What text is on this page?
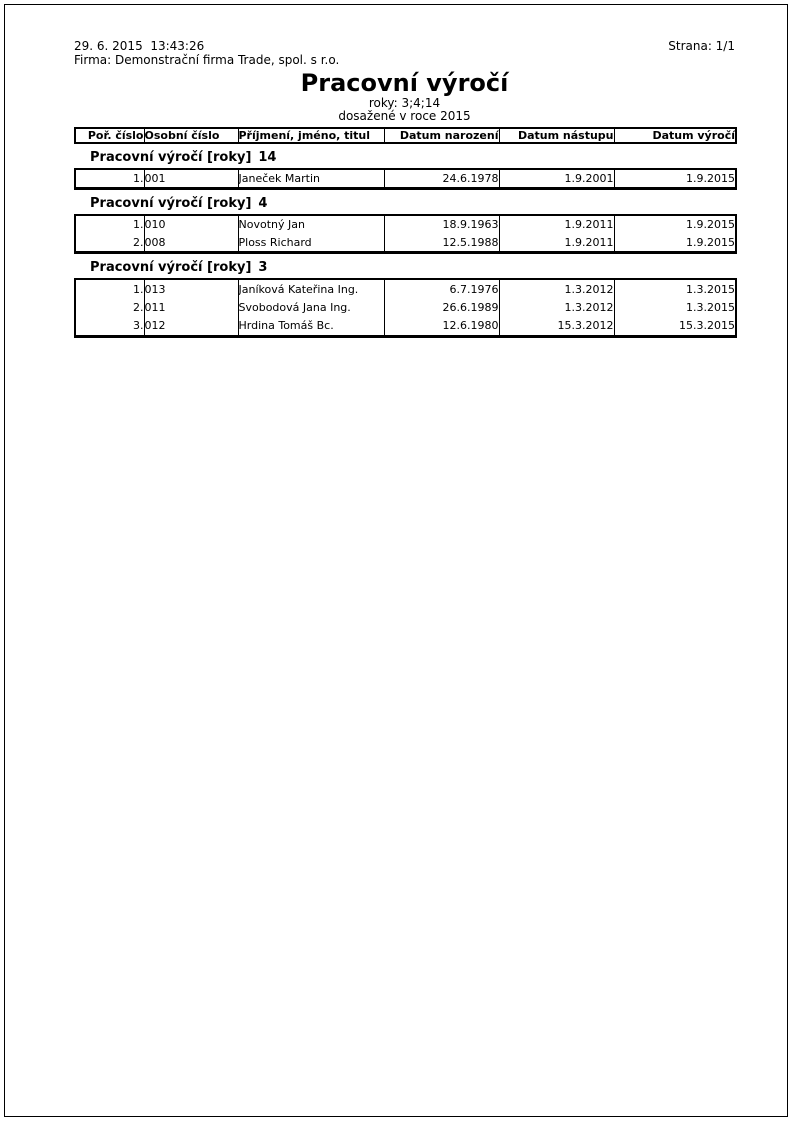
29. 6. 2015  13:43:26
Firma: Demonstrační firma Trade, spol. s r.o.
Strana: 1/1
Pracovní výročí
roky: 3;4;14
dosažené v roce 2015
Poř. číslo	Osobní číslo	Příjmení, jméno, titul	Datum narození	Datum nástupu	Datum výročí
Pracovní výročí [roky] 14
1.	001	Janeček Martin	24.6.1978	1.9.2001	1.9.2015
Pracovní výročí [roky] 4
1.	010	Novotný Jan	18.9.1963	1.9.2011	1.9.2015
2.	008	Ploss Richard	12.5.1988	1.9.2011	1.9.2015
Pracovní výročí [roky] 3
1.	013	Janíková Kateřina Ing.	6.7.1976	1.3.2012	1.3.2015
2.	011	Svobodová Jana Ing.	26.6.1989	1.3.2012	1.3.2015
3.	012	Hrdina Tomáš Bc.	12.6.1980	15.3.2012	15.3.2015
